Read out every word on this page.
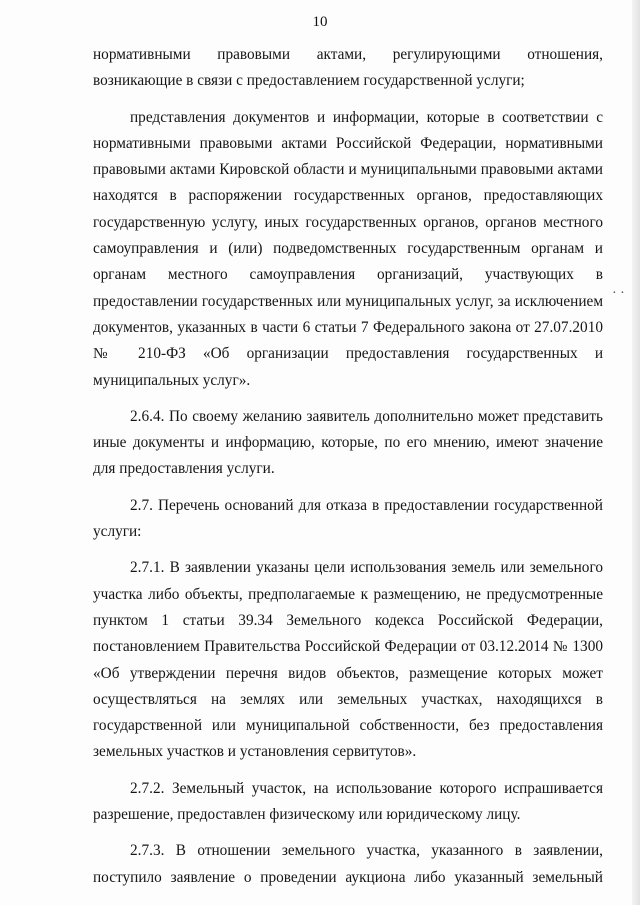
10

нормативными правовыми актами, регулирующими отношения, возникающие в связи с предоставлением государственной услуги;

представления документов и информации, которые в соответствии с нормативными правовыми актами Российской Федерации, нормативными правовыми актами Кировской области и муниципальными правовыми актами находятся в распоряжении государственных органов, предоставляющих государственную услугу, иных государственных органов, органов местного самоуправления и (или) подведомственных государственным органам и органам местного самоуправления организаций, участвующих в предоставлении государственных или муниципальных услуг, за исключением документов, указанных в части 6 статьи 7 Федерального закона от 27.07.2010 № 210-ФЗ «Об организации предоставления государственных и муниципальных услуг».

2.6.4. По своему желанию заявитель дополнительно может представить иные документы и информацию, которые, по его мнению, имеют значение для предоставления услуги.

2.7. Перечень оснований для отказа в предоставлении государственной услуги:

2.7.1. В заявлении указаны цели использования земель или земельного участка либо объекты, предполагаемые к размещению, не предусмотренные пунктом 1 статьи 39.34 Земельного кодекса Российской Федерации, постановлением Правительства Российской Федерации от 03.12.2014 № 1300 «Об утверждении перечня видов объектов, размещение которых может осуществляться на землях или земельных участках, находящихся в государственной или муниципальной собственности, без предоставления земельных участков и установления сервитутов».

2.7.2. Земельный участок, на использование которого испрашивается разрешение, предоставлен физическому или юридическому лицу.

2.7.3. В отношении земельного участка, указанного в заявлении, поступило заявление о проведении аукциона либо указанный земельный

· ·
